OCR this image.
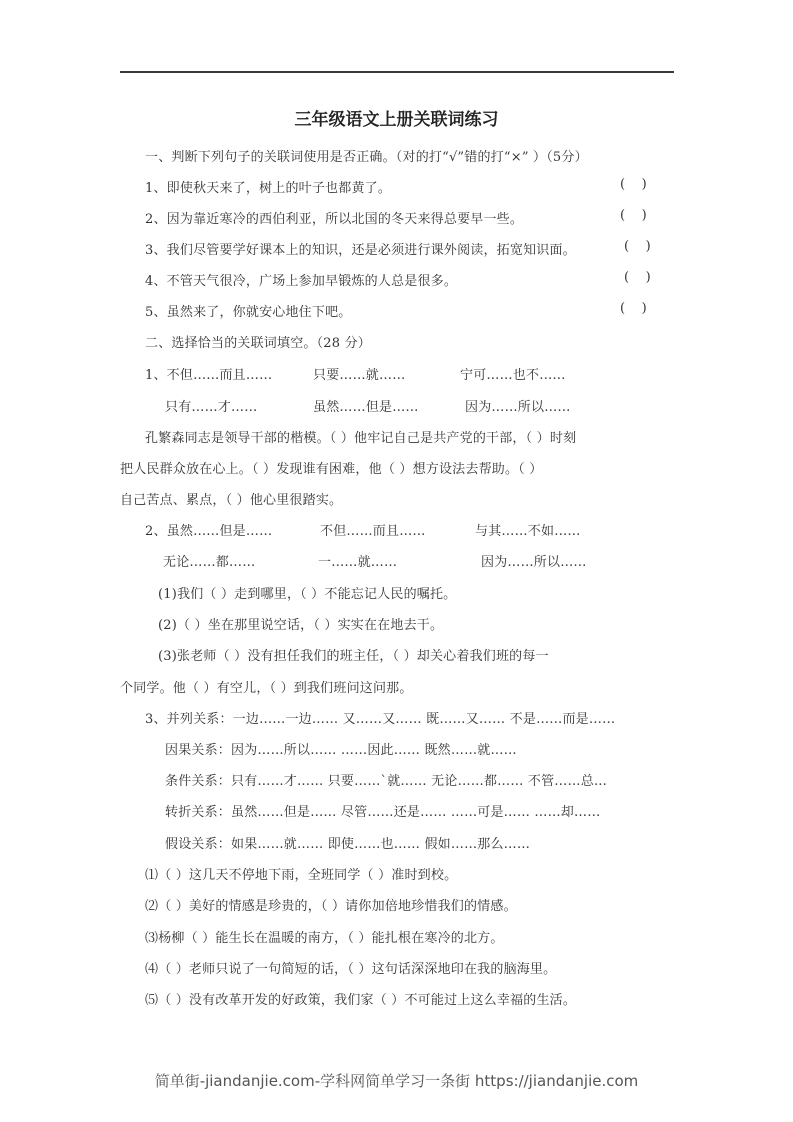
三年级语文上册关联词练习
一、判断下列句子的关联词使用是否正确。（对的打“√”错的打“×” ）（5分）
1、即使秋天来了，树上的叶子也都黄了。	(    )
2、因为靠近寒冷的西伯利亚，所以北国的冬天来得总要早一些。	(    )
3、我们尽管要学好课本上的知识，还是必须进行课外阅读，拓宽知识面。	(    )
4、不管天气很冷，广场上参加早锻炼的人总是很多。	(    )
5、虽然来了，你就安心地住下吧。	(    )
二、选择恰当的关联词填空。（28 分）
1、不但……而且……	只要……就……	宁可……也不……
只有……才……	虽然……但是……	因为……所以……
孔繁森同志是领导干部的楷模。（ ）他牢记自己是共产党的干部，（ ）时刻
把人民群众放在心上。（ ）发现谁有困难，他（ ）想方设法去帮助。（ ）
自己苦点、累点，（ ）他心里很踏实。
2、虽然……但是……	不但……而且……	与其……不如……
无论……都……	一……就……	因为……所以……
(1)我们（ ）走到哪里，（ ）不能忘记人民的嘱托。
(2)（ ）坐在那里说空话，（ ）实实在在地去干。
(3)张老师（ ）没有担任我们的班主任，（ ）却关心着我们班的每一
个同学。他（ ）有空儿，（ ）到我们班问这问那。
3、并列关系：一边……一边…… 又……又…… 既……又…… 不是……而是……
因果关系：因为……所以…… ……因此…… 既然……就……
条件关系：只有……才…… 只要……`就…… 无论……都…… 不管……总…
转折关系：虽然……但是…… 尽管……还是…… ……可是…… ……却……
假设关系：如果……就…… 即使……也…… 假如……那么……
⑴（ ）这几天不停地下雨，全班同学（ ）准时到校。
⑵（ ）美好的情感是珍贵的，（ ）请你加倍地珍惜我们的情感。
⑶杨柳（ ）能生长在温暖的南方，（ ）能扎根在寒冷的北方。
⑷（ ）老师只说了一句简短的话，（ ）这句话深深地印在我的脑海里。
⑸（ ）没有改革开发的好政策，我们家（ ）不可能过上这么幸福的生活。
简单街-jiandanjie.com-学科网简单学习一条街 https://jiandanjie.com
